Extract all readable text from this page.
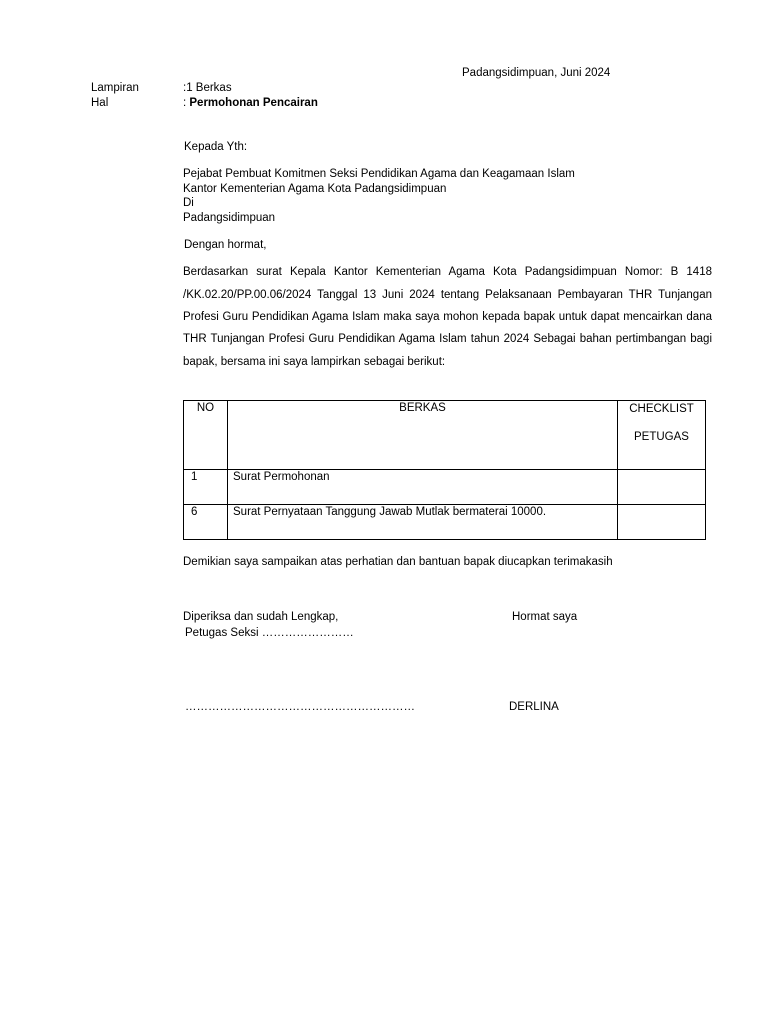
Padangsidimpuan, Juni 2024
Lampiran	:1 Berkas
Hal	: Permohonan Pencairan
Kepada Yth:
Pejabat Pembuat Komitmen Seksi Pendidikan Agama dan Keagamaan Islam
Kantor Kementerian Agama Kota Padangsidimpuan
Di
Padangsidimpuan
Dengan hormat,
Berdasarkan surat Kepala Kantor Kementerian Agama Kota Padangsidimpuan Nomor: B 1418
/KK.02.20/PP.00.06/2024 Tanggal 13 Juni 2024 tentang Pelaksanaan Pembayaran THR Tunjangan
Profesi Guru Pendidikan Agama Islam maka saya mohon kepada bapak untuk dapat mencairkan dana
THR Tunjangan Profesi Guru Pendidikan Agama Islam tahun 2024 Sebagai bahan pertimbangan bagi
bapak, bersama ini saya lampirkan sebagai berikut:
NO	BERKAS	CHECKLIST
PETUGAS

1	Surat Permohonan	
6	Surat Pernyataan Tanggung Jawab Mutlak bermaterai 10000.	
Demikian saya sampaikan atas perhatian dan bantuan bapak diucapkan terimakasih
Diperiksa dan sudah Lengkap,
Petugas Seksi ……………………
……………………………………………………
Hormat saya
DERLINA
